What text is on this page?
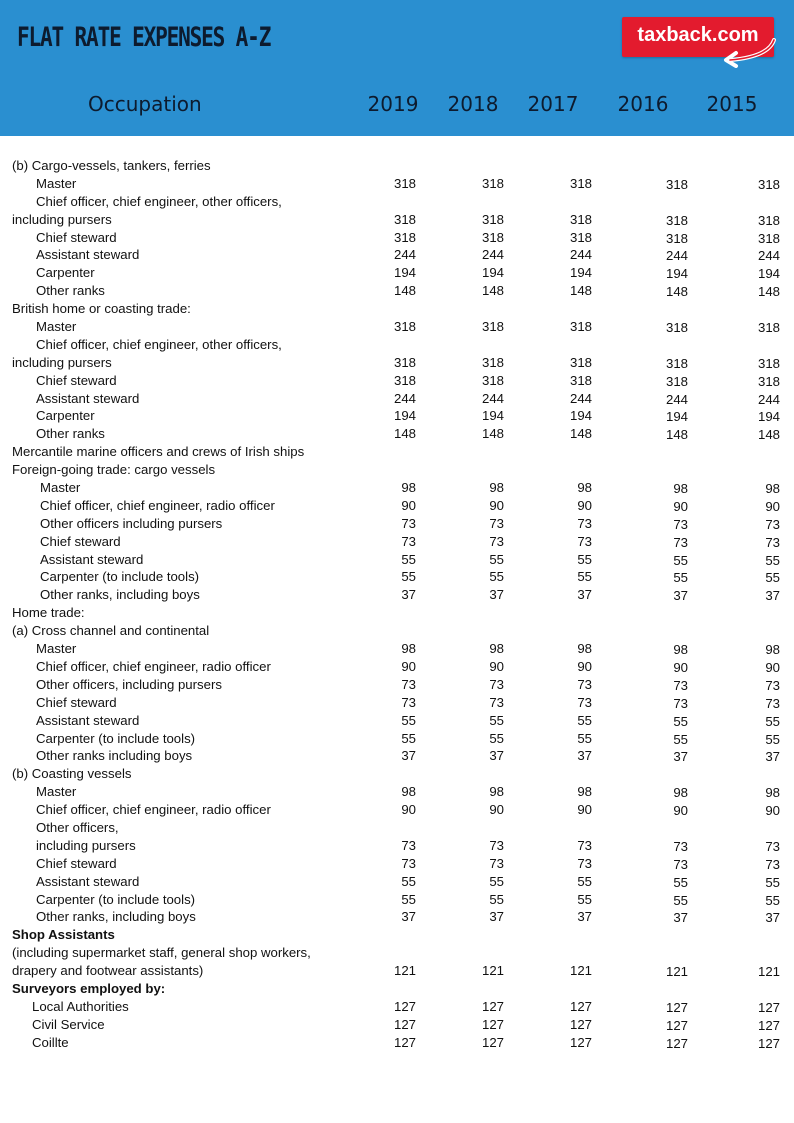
FLAT RATE EXPENSES A-Z	taxback.com
Occupation	2019 2018 2017 2016 2015
(b) Cargo-vessels, tankers, ferries
Master	318	318	318	318	318
Chief officer, chief engineer, other officers,
including pursers	318	318	318	318	318
Chief steward	318	318	318	318	318
Assistant steward	244	244	244	244	244
Carpenter	194	194	194	194	194
Other ranks	148	148	148	148	148
British home or coasting trade:
Master	318	318	318	318	318
Chief officer, chief engineer, other officers,
including pursers	318	318	318	318	318
Chief steward	318	318	318	318	318
Assistant steward	244	244	244	244	244
Carpenter	194	194	194	194	194
Other ranks	148	148	148	148	148
Mercantile marine officers and crews of Irish ships
Foreign-going trade: cargo vessels
Master	98	98	98	98	98
Chief officer, chief engineer, radio officer	90	90	90	90	90
Other officers including pursers	73	73	73	73	73
Chief steward	73	73	73	73	73
Assistant steward	55	55	55	55	55
Carpenter (to include tools)	55	55	55	55	55
Other ranks, including boys	37	37	37	37	37
Home trade:
(a) Cross channel and continental
Master	98	98	98	98	98
Chief officer, chief engineer, radio officer	90	90	90	90	90
Other officers, including pursers	73	73	73	73	73
Chief steward	73	73	73	73	73
Assistant steward	55	55	55	55	55
Carpenter (to include tools)	55	55	55	55	55
Other ranks including boys	37	37	37	37	37
(b) Coasting vessels
Master	98	98	98	98	98
Chief officer, chief engineer, radio officer	90	90	90	90	90
Other officers,
including pursers	73	73	73	73	73
Chief steward	73	73	73	73	73
Assistant steward	55	55	55	55	55
Carpenter (to include tools)	55	55	55	55	55
Other ranks, including boys	37	37	37	37	37
Shop Assistants
(including supermarket staff, general shop workers,
drapery and footwear assistants)	121	121	121	121	121
Surveyors employed by:
Local Authorities	127	127	127	127	127
Civil Service	127	127	127	127	127
Coillte	127	127	127	127	127
